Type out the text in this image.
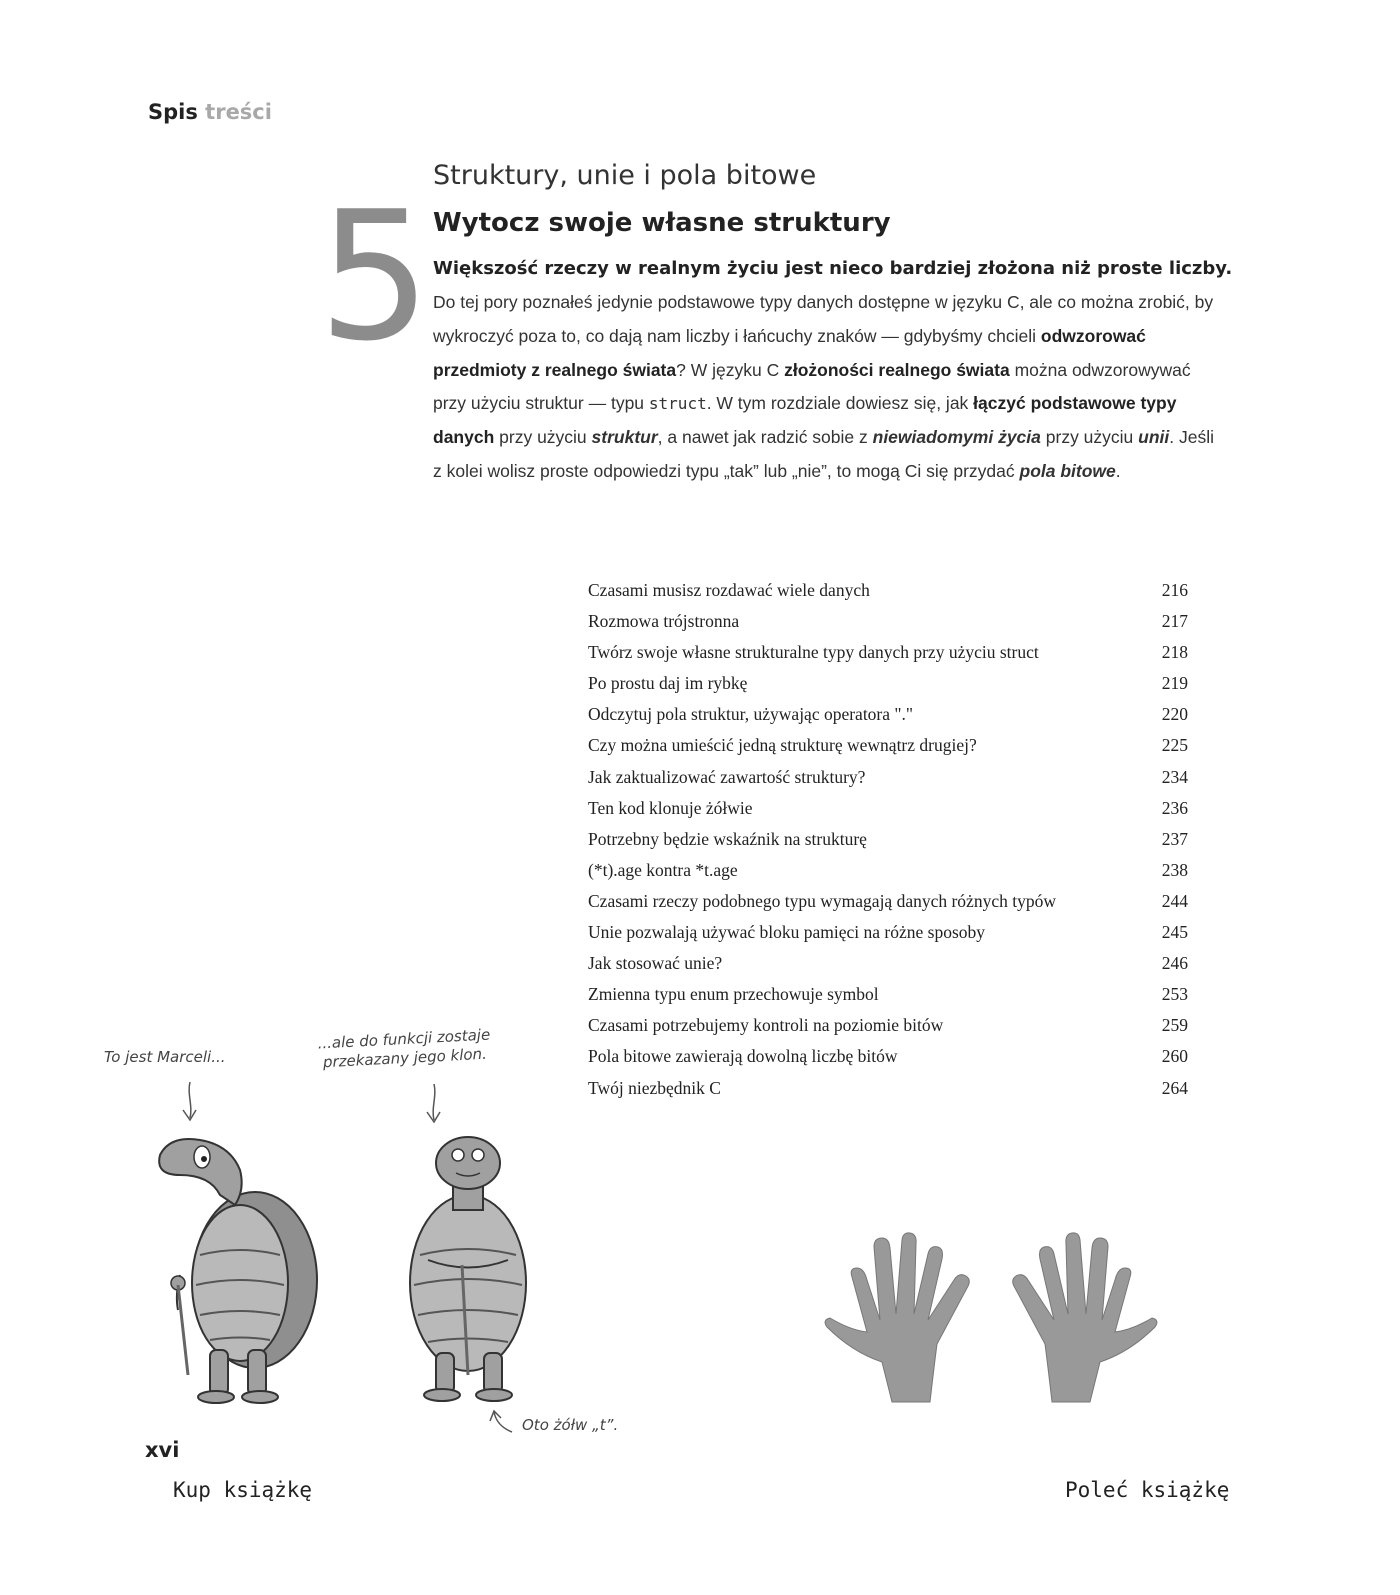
Spis treści
5 Struktury, unie i pola bitowe
Wytocz swoje własne struktury
Większość rzeczy w realnym życiu jest nieco bardziej złożona niż proste liczby.
Do tej pory poznałeś jedynie podstawowe typy danych dostępne w języku C, ale co można zrobić, by wykroczyć poza to, co dają nam liczby i łańcuchy znaków — gdybyśmy chcieli odwzorować przedmioty z realnego świata? W języku C złożoności realnego świata można odwzorowywać przy użyciu struktur — typu struct. W tym rozdziale dowiesz się, jak łączyć podstawowe typy danych przy użyciu struktur, a nawet jak radzić sobie z niewiadomymi życia przy użyciu unii. Jeśli z kolei wolisz proste odpowiedzi typu „tak” lub „nie”, to mogą Ci się przydać pola bitowe.
Czasami musisz rozdawać wiele danych	216
Rozmowa trójstronna	217
Twórz swoje własne strukturalne typy danych przy użyciu struct	218
Po prostu daj im rybkę	219
Odczytuj pola struktur, używając operatora "."	220
Czy można umieścić jedną strukturę wewnątrz drugiej?	225
Jak zaktualizować zawartość struktury?	234
Ten kod klonuje żółwie	236
Potrzebny będzie wskaźnik na strukturę	237
(*t).age kontra *t.age	238
Czasami rzeczy podobnego typu wymagają danych różnych typów	244
Unie pozwalają używać bloku pamięci na różne sposoby	245
Jak stosować unie?	246
Zmienna typu enum przechowuje symbol	253
Czasami potrzebujemy kontroli na poziomie bitów	259
Pola bitowe zawierają dowolną liczbę bitów	260
Twój niezbędnik C	264
To jest Marceli...
...ale do funkcji zostaje
przekazany jego klon.
Oto żółw „t”.
xvi
Kup książkę	Poleć książkę
